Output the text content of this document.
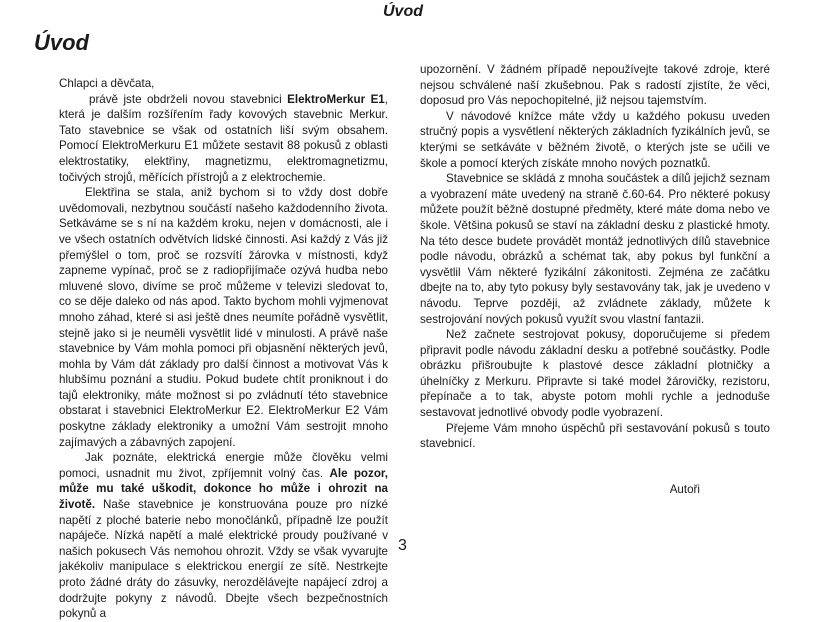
Úvod
Úvod

Chlapci a děvčata,

právě jste obdrželi novou stavebnici ElektroMerkur E1, která je dalším rozšířením řady kovových stavebnic Merkur. Tato stavebnice se však od ostatních liší svým obsahem. Pomocí ElektroMerkuru E1 můžete sestavit 88 pokusů z oblasti elektrostatiky, elektřiny, magnetizmu, elektromagnetizmu, točivých strojů, měřících přístrojů a z elektrochemie.

Elektřina se stala, aniž bychom si to vždy dost dobře uvědomovali, nezbytnou součástí našeho každodenního života. Setkáváme se s ní na každém kroku, nejen v domácnosti, ale i ve všech ostatních odvětvích lidské činnosti. Asi každý z Vás již přemýšlel o tom, proč se rozsvítí žárovka v místnosti, když zapneme vypínač, proč se z radiopřijímače ozývá hudba nebo mluvené slovo, divíme se proč můžeme v televizi sledovat to, co se děje daleko od nás apod. Takto bychom mohli vyjmenovat mnoho záhad, které si asi ještě dnes neumíte pořádně vysvětlit, stejně jako si je neuměli vysvětlit lidé v minulosti. A právě naše stavebnice by Vám mohla pomoci při objasnění některých jevů, mohla by Vám dát základy pro další činnost a motivovat Vás k hlubšímu poznání a studiu. Pokud budete chtít proniknout i do tajů elektroniky, máte možnost si po zvládnutí této stavebnice obstarat i stavebnici ElektroMerkur E2. ElektroMerkur E2 Vám poskytne základy elektroniky a umožní Vám sestrojit mnoho zajímavých a zábavných zapojení.

Jak poznáte, elektrická energie může člověku velmi pomoci, usnadnit mu život, zpříjemnit volný čas. Ale pozor, může mu také uškodit, dokonce ho může i ohrozit na životě. Naše stavebnice je konstruována pouze pro nízké napětí z ploché baterie nebo monočlánků, případně lze použít napáječe. Nízká napětí a malé elektrické proudy používané v našich pokusech Vás nemohou ohrozit. Vždy se však vyvarujte jakékoliv manipulace s elektrickou energií ze sítě. Nestrkejte proto žádné dráty do zásuvky, nerozdělávejte napájecí zdroj a dodržujte pokyny z návodů. Dbejte všech bezpečnostních pokynů a

upozornění. V žádném případě nepoužívejte takové zdroje, které nejsou schválené naší zkušebnou. Pak s radostí zjistíte, že věci, doposud pro Vás nepochopitelné, již nejsou tajemstvím.

V návodové knížce máte vždy u každého pokusu uveden stručný popis a vysvětlení některých základních fyzikálních jevů, se kterými se setkáváte v běžném životě, o kterých jste se učili ve škole a pomocí kterých získáte mnoho nových poznatků.

Stavebnice se skládá z mnoha součástek a dílů jejichž seznam a vyobrazení máte uvedený na straně č.60-64. Pro některé pokusy můžete použít běžně dostupné předměty, které máte doma nebo ve škole. Většina pokusů se staví na základní desku z plastické hmoty. Na této desce budete provádět montáž jednotlivých dílů stavebnice podle návodu, obrázků a schémat tak, aby pokus byl funkční a vysvětlil Vám některé fyzikální zákonitosti. Zejména ze začátku dbejte na to, aby tyto pokusy byly sestavovány tak, jak je uvedeno v návodu. Teprve později, až zvládnete základy, můžete k sestrojování nových pokusů využít svou vlastní fantazii.

Než začnete sestrojovat pokusy, doporučujeme si předem připravit podle návodu základní desku a potřebné součástky. Podle obrázku přišroubujte k plastové desce základní plotničky a úhelníčky z Merkuru. Připravte si také model žárovičky, rezistoru, přepínače a to tak, abyste potom mohli rychle a jednoduše sestavovat jednotlivé obvody podle vyobrazení.

Přejeme Vám mnoho úspěchů při sestavování pokusů s touto stavebnicí.

Autoři

3
